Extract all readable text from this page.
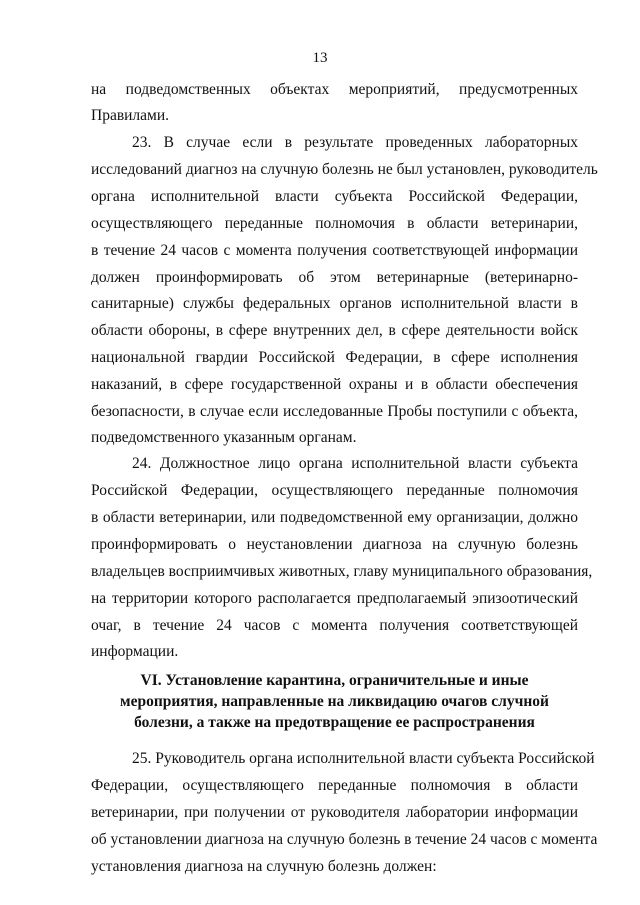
13
на подведомственных объектах мероприятий, предусмотренных
Правилами.
23. В случае если в результате проведенных лабораторных
исследований диагноз на случную болезнь не был установлен, руководитель
органа исполнительной власти субъекта Российской Федерации,
осуществляющего переданные полномочия в области ветеринарии,
в течение 24 часов с момента получения соответствующей информации
должен проинформировать об этом ветеринарные (ветеринарно-
санитарные) службы федеральных органов исполнительной власти в
области обороны, в сфере внутренних дел, в сфере деятельности войск
национальной гвардии Российской Федерации, в сфере исполнения
наказаний, в сфере государственной охраны и в области обеспечения
безопасности, в случае если исследованные Пробы поступили с объекта,
подведомственного указанным органам.
24. Должностное лицо органа исполнительной власти субъекта
Российской Федерации, осуществляющего переданные полномочия
в области ветеринарии, или подведомственной ему организации, должно
проинформировать о неустановлении диагноза на случную болезнь
владельцев восприимчивых животных, главу муниципального образования,
на территории которого располагается предполагаемый эпизоотический
очаг, в течение 24 часов с момента получения соответствующей
информации.
VI. Установление карантина, ограничительные и иные
мероприятия, направленные на ликвидацию очагов случной
болезни, а также на предотвращение ее распространения
25. Руководитель органа исполнительной власти субъекта Российской
Федерации, осуществляющего переданные полномочия в области
ветеринарии, при получении от руководителя лаборатории информации
об установлении диагноза на случную болезнь в течение 24 часов с момента
установления диагноза на случную болезнь должен:
